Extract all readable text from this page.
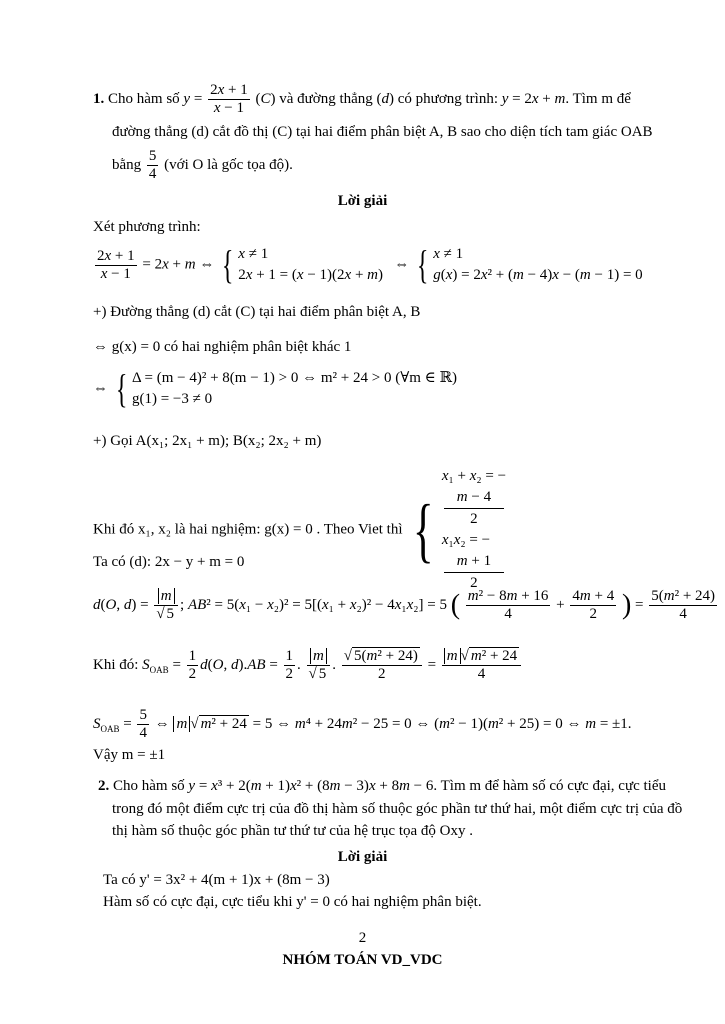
1. Cho hàm số $y = \frac{2x + 1}{x - 1} (C)$ và đường thẳng (d) có phương trình: y = 2x + m. Tìm m để
đường thẳng (d) cắt đồ thị (C) tại hai điểm phân biệt A, B sao cho diện tích tam giác OAB
bằng $\frac{5}{4}$ (với O là gốc tọa độ).
Lời giải
Xét phương trình:
$\frac{2x + 1}{x - 1} = 2x + m$ ⇔ { x ≠ 1
2x + 1 = (x − 1)(2x + m)
⇔ { x ≠ 1
g(x) = 2x² + (m − 4)x − (m − 1) = 0
+) Đường thẳng (d) cắt (C) tại hai điểm phân biệt A, B
⇔ g(x) = 0 có hai nghiệm phân biệt khác 1
⇔ { Δ = (m − 4)² + 8(m − 1) > 0 ⇔ m² + 24 > 0 (∀m ∈ ℝ)
g(1) = −3 ≠ 0
+) Gọi A(x₁; 2x₁ + m); B(x₂; 2x₂ + m)
Khi đó x₁, x₂ là hai nghiệm: g(x) = 0 . Theo Viet thì {
x₁ + x₂ = −
m − 4
2
x₁x₂ = −
m + 1
2
Ta có (d): 2x − y + m = 0
d(O, $d) = \frac{m}{√ 5}$ ; AB² = 5(x₁ − x₂)² = 5[(x₁ + x₂)² − 4x₁x₂] = 5 ( $\frac{\text{m² − 8m + 16}}{4} + \frac{4m + 4}{2}$ ) = $\frac{\text{5(m² + 24)}}{4}$
Khi đó: $S_{OAB} = \frac{1}{2} d(O$, $d).AB = \frac{1}{2}$ . $\frac{m}{√ 5}$ . $\frac{\text{√ 5(m² + 24)}}{2} = \frac{\text{m √ m² + 24}}{4}$
$S_{OAB} = \frac{5}{4}$ ⇔ m √ m² + 24 = 5 ⇔ m⁴ + 24m² − 25 = 0 ⇔ (m² − 1)(m² + 25) = 0 ⇔ m = ±1.
Vậy m = ±1
2. Cho hàm số y = x³ + 2(m + 1)x² + (8m − 3)x + 8m − 6. Tìm m để hàm số có cực đại, cực tiểu
trong đó một điểm cực trị của đồ thị hàm số thuộc góc phần tư thứ hai, một điểm cực trị của đồ
thị hàm số thuộc góc phần tư thứ tư của hệ trục tọa độ Oxy .
Lời giải
Ta có y' = 3x² + 4(m + 1)x + (8m − 3)
Hàm số có cực đại, cực tiểu khi y' = 0 có hai nghiệm phân biệt.
2
NHÓM TOÁN VD_VDC
